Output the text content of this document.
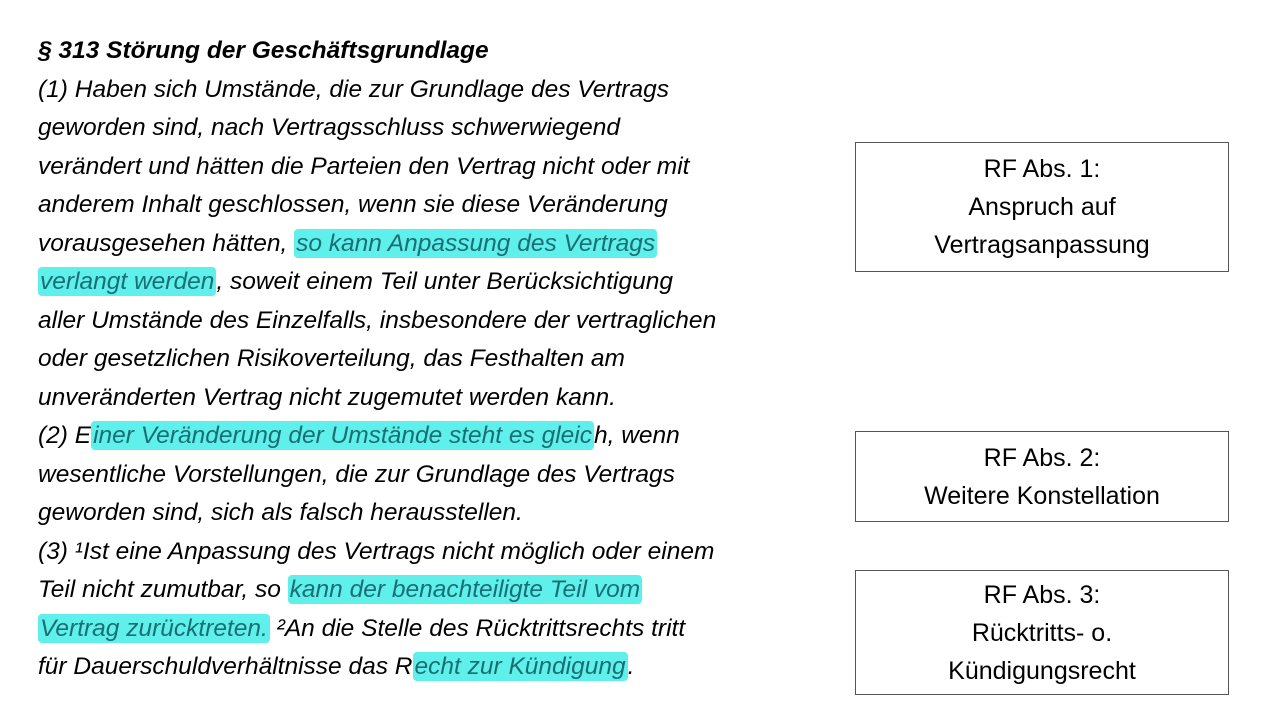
§ 313 Störung der Geschäftsgrundlage
(1) Haben sich Umstände, die zur Grundlage des Vertrags
geworden sind, nach Vertragsschluss schwerwiegend
verändert und hätten die Parteien den Vertrag nicht oder mit
anderem Inhalt geschlossen, wenn sie diese Veränderung
vorausgesehen hätten, so kann Anpassung des Vertrags
verlangt werden, soweit einem Teil unter Berücksichtigung
aller Umstände des Einzelfalls, insbesondere der vertraglichen
oder gesetzlichen Risikoverteilung, das Festhalten am
unveränderten Vertrag nicht zugemutet werden kann.
(2) Einer Veränderung der Umstände steht es gleich, wenn
wesentliche Vorstellungen, die zur Grundlage des Vertrags
geworden sind, sich als falsch herausstellen.
(3) ¹Ist eine Anpassung des Vertrags nicht möglich oder einem
Teil nicht zumutbar, so kann der benachteiligte Teil vom
Vertrag zurücktreten. ²An die Stelle des Rücktrittsrechts tritt
für Dauerschuldverhältnisse das Recht zur Kündigung.
RF Abs. 1:
Anspruch auf
Vertragsanpassung
RF Abs. 2:
Weitere Konstellation
RF Abs. 3:
Rücktritts- o.
Kündigungsrecht
